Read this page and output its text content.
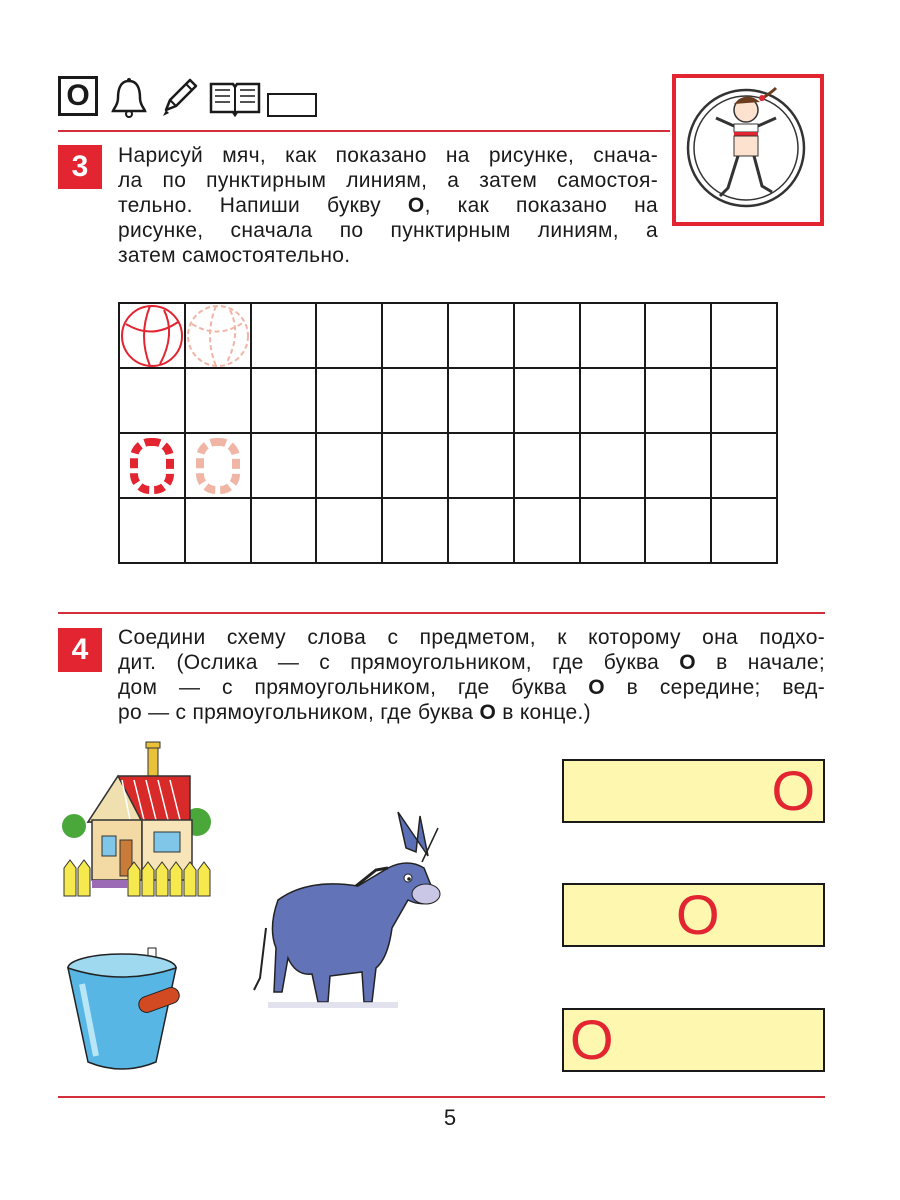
О
3	Нарисуй мяч, как показано на рисунке, снача-
ла по пунктирным линиям, а затем самостоя-
тельно. Напиши букву О, как показано на
рисунке, сначала по пунктирным линиям, а
затем самостоятельно.
4	Соедини схему слова с предметом, к которому она подхо-
дит. (Ослика — с прямоугольником, где буква О в начале;
дом — с прямоугольником, где буква О в середине; вед-
ро — с прямоугольником, где буква О в конце.)
О
О
О
5
